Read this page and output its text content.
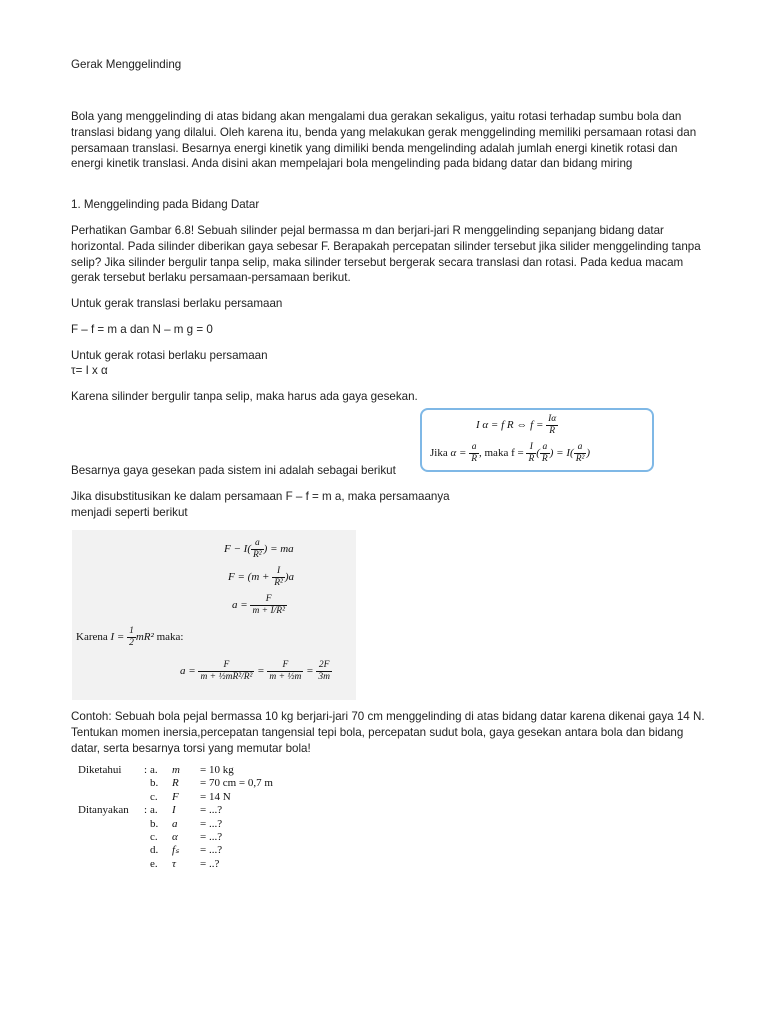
Gerak Menggelinding

Bola yang menggelinding di atas bidang akan mengalami dua gerakan sekaligus, yaitu rotasi terhadap sumbu bola dan translasi bidang yang dilalui. Oleh karena itu, benda yang melakukan gerak menggelinding memiliki persamaan rotasi dan persamaan translasi. Besarnya energi kinetik yang dimiliki benda mengelinding adalah jumlah energi kinetik rotasi dan energi kinetik translasi. Anda disini akan mempelajari bola mengelinding pada bidang datar dan bidang miring

1. Menggelinding pada Bidang Datar

Perhatikan Gambar 6.8! Sebuah silinder pejal bermassa m dan berjari-jari R menggelinding sepanjang bidang datar horizontal. Pada silinder diberikan gaya sebesar F. Berapakah percepatan silinder tersebut jika silider menggelinding tanpa selip? Jika silinder bergulir tanpa selip, maka silinder tersebut bergerak secara translasi dan rotasi. Pada kedua macam gerak tersebut berlaku persamaan-persamaan berikut.

Untuk gerak translasi berlaku persamaan

F – f = m a dan N – m g = 0

Untuk gerak rotasi berlaku persamaan

τ= I x α

Karena silinder bergulir tanpa selip, maka harus ada gaya gesekan.

I α = f R ⇔ $f = \frac{I\alpha}{R}$
Jika $\alpha = \frac{a}{R}$ , maka $f = \frac{I}{R}$ ( $\frac{a}{R}$ ) = $I( \frac{a}{\text{R²}}$ )

Besarnya gaya gesekan pada sistem ini adalah sebagai berikut

Jika disubstitusikan ke dalam persamaan F – f = m a, maka persamaanya menjadi seperti berikut

$F - I( \frac{a}{\text{R²}}$ ) = ma
$F = (m + \frac{I}{\text{R²}} )a$
$a = \frac{F}{\text{m + I/R²}}$
Karena $I = \frac{1}{2} mR^2$ maka:
$a = \frac{F}{\text{m + ½mR²/R²}} = \frac{F}{\text{m + ½m}} = \frac{2F}{3m}$

Contoh: Sebuah bola pejal bermassa 10 kg berjari-jari 70 cm menggelinding di atas bidang datar karena dikenai gaya 14 N. Tentukan momen inersia,percepatan tangensial tepi bola, percepatan sudut bola, gaya gesekan antara bola dan bidang datar, serta besarnya torsi yang memutar bola!

Diketahui : a. m = 10 kg
b. R = 70 cm = 0,7 m
c. F = 14 N
Ditanyakan : a. I = ...?
b. a = ...?
c. α = ...?
d. fₛ = ...?
e. τ = ..?
